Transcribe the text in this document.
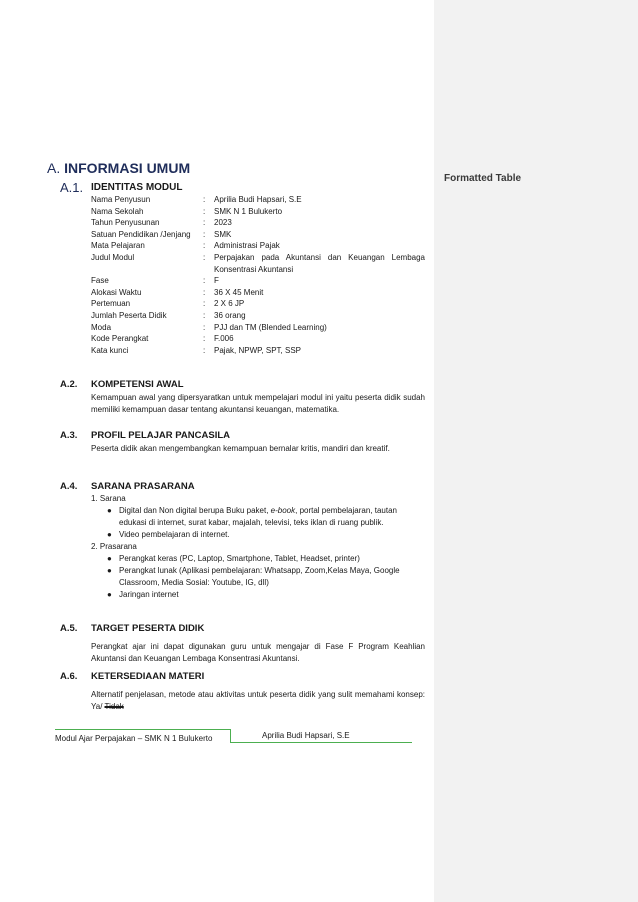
Formatted Table
A. INFORMASI UMUM
A.1. IDENTITAS MODUL
Nama Penyusun	:	Aprilia Budi Hapsari, S.E
Nama Sekolah	:	SMK N 1 Bulukerto
Tahun Penyusunan	:	2023
Satuan Pendidikan /Jenjang	:	SMK
Mata Pelajaran	:	Administrasi Pajak
Judul Modul	:	Perpajakan pada Akuntansi dan Keuangan Lembaga Konsentrasi Akuntansi
Fase	:	F
Alokasi Waktu	:	36 X 45 Menit
Pertemuan	:	2 X 6 JP
Jumlah Peserta Didik	:	36 orang
Moda	:	PJJ dan TM (Blended Learning)
Kode Perangkat	:	F.006
Kata kunci	:	Pajak, NPWP, SPT, SSP
A.2. KOMPETENSI AWAL
Kemampuan awal yang dipersyaratkan untuk mempelajari modul ini yaitu peserta didik sudah memiliki kemampuan dasar tentang akuntansi keuangan, matematika.
A.3. PROFIL PELAJAR PANCASILA
Peserta didik akan mengembangkan kemampuan bernalar kritis, mandiri dan kreatif.
A.4. SARANA PRASARANA
1. Sarana
● Digital dan Non digital berupa Buku paket, e-book, portal pembelajaran, tautan edukasi di internet, surat kabar, majalah, televisi, teks iklan di ruang publik.
● Video pembelajaran di internet.
2. Prasarana
● Perangkat keras (PC, Laptop, Smartphone, Tablet, Headset, printer)
● Perangkat lunak (Aplikasi pembelajaran: Whatsapp, Zoom,Kelas Maya, Google Classroom, Media Sosial: Youtube, IG, dll)
● Jaringan internet
A.5. TARGET PESERTA DIDIK
Perangkat ajar ini dapat digunakan guru untuk mengajar di Fase F Program Keahlian Akuntansi dan Keuangan Lembaga Konsentrasi Akuntansi.
A.6. KETERSEDIAAN MATERI
Alternatif penjelasan, metode atau aktivitas untuk peserta didik yang sulit memahami konsep: Ya/ Tidak
Modul Ajar Perpajakan – SMK N 1 Bulukerto	Aprilia Budi Hapsari, S.E
